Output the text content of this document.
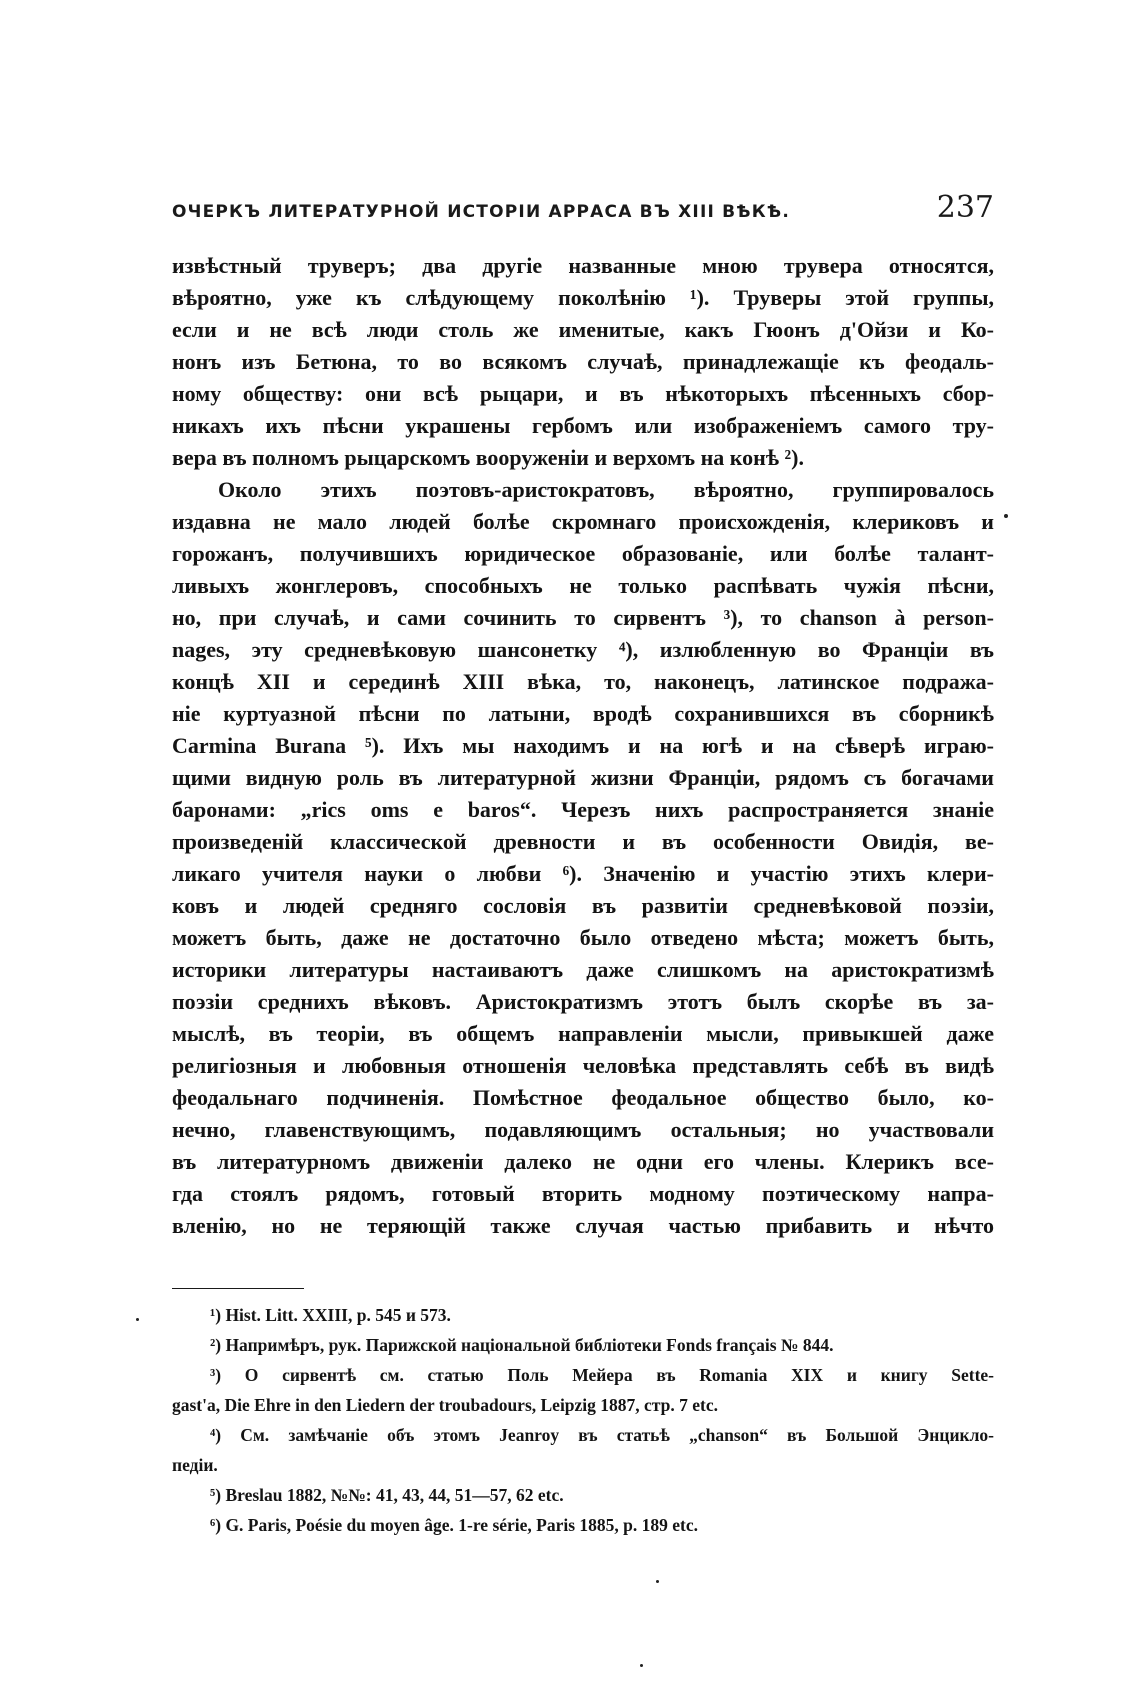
ОЧЕРКЪ ЛИТЕРАТУРНОЙ ИСТОРІИ АРРАСА ВЪ XIII ВѢКѢ.	237
извѣстный труверъ; два другіе названные мною трувера относятся,
вѣроятно, уже къ слѣдующему поколѣнію ¹). Труверы этой группы,
если и не всѣ люди столь же именитые, какъ Гюонъ д'Ойзи и Ко-
нонъ изъ Бетюна, то во всякомъ случаѣ, принадлежащіе къ феодаль-
ному обществу: они всѣ рыцари, и въ нѣкоторыхъ пѣсенныхъ сбор-
никахъ ихъ пѣсни украшены гербомъ или изображеніемъ самого тру-
вера въ полномъ рыцарскомъ вооруженіи и верхомъ на конѣ ²).
Около этихъ поэтовъ-аристократовъ, вѣроятно, группировалось
издавна не мало людей болѣе скромнаго происхожденія, клериковъ и
горожанъ, получившихъ юридическое образованіе, или болѣе талант-
ливыхъ жонглеровъ, способныхъ не только распѣвать чужія пѣсни,
но, при случаѣ, и сами сочинить то сирвентъ ³), то chanson à person-
nages, эту средневѣковую шансонетку ⁴), излюбленную во Франціи въ
концѣ XII и серединѣ XIII вѣка, то, наконецъ, латинское подража-
ніе куртуазной пѣсни по латыни, вродѣ сохранившихся въ сборникѣ
Carmina Burana ⁵). Ихъ мы находимъ и на югѣ и на сѣверѣ играю-
щими видную роль въ литературной жизни Франціи, рядомъ съ богачами
баронами: „rics oms e baros“. Черезъ нихъ распространяется знаніе
произведеній классической древности и въ особенности Овидія, ве-
ликаго учителя науки о любви ⁶). Значенію и участію этихъ клери-
ковъ и людей средняго сословія въ развитіи средневѣковой поэзіи,
можетъ быть, даже не достаточно было отведено мѣста; можетъ быть,
историки литературы настаиваютъ даже слишкомъ на аристократизмѣ
поэзіи среднихъ вѣковъ. Аристократизмъ этотъ былъ скорѣе въ за-
мыслѣ, въ теоріи, въ общемъ направленіи мысли, привыкшей даже
религіозныя и любовныя отношенія человѣка представлять себѣ въ видѣ
феодальнаго подчиненія. Помѣстное феодальное общество было, ко-
нечно, главенствующимъ, подавляющимъ остальныя; но участвовали
въ литературномъ движеніи далеко не одни его члены. Клерикъ все-
гда стоялъ рядомъ, готовый вторить модному поэтическому напра-
вленію, но не теряющій также случая частью прибавить и нѣчто
¹) Hist. Litt. XXIII, p. 545 и 573.
²) Напримѣръ, рук. Парижской національной библіотеки Fonds français № 844.
³) О сирвентѣ см. статью Поль Мейера въ Romania XIX и книгу Sette-
gast'a, Die Ehre in den Liedern der troubadours, Leipzig 1887, стр. 7 etc.
⁴) См. замѣчаніе объ этомъ Jeanroy въ статьѣ „chanson“ въ Большой Энцикло-
педіи.
⁵) Breslau 1882, №№: 41, 43, 44, 51—57, 62 etc.
⁶) G. Paris, Poésie du moyen âge. 1-re série, Paris 1885, p. 189 etc.
